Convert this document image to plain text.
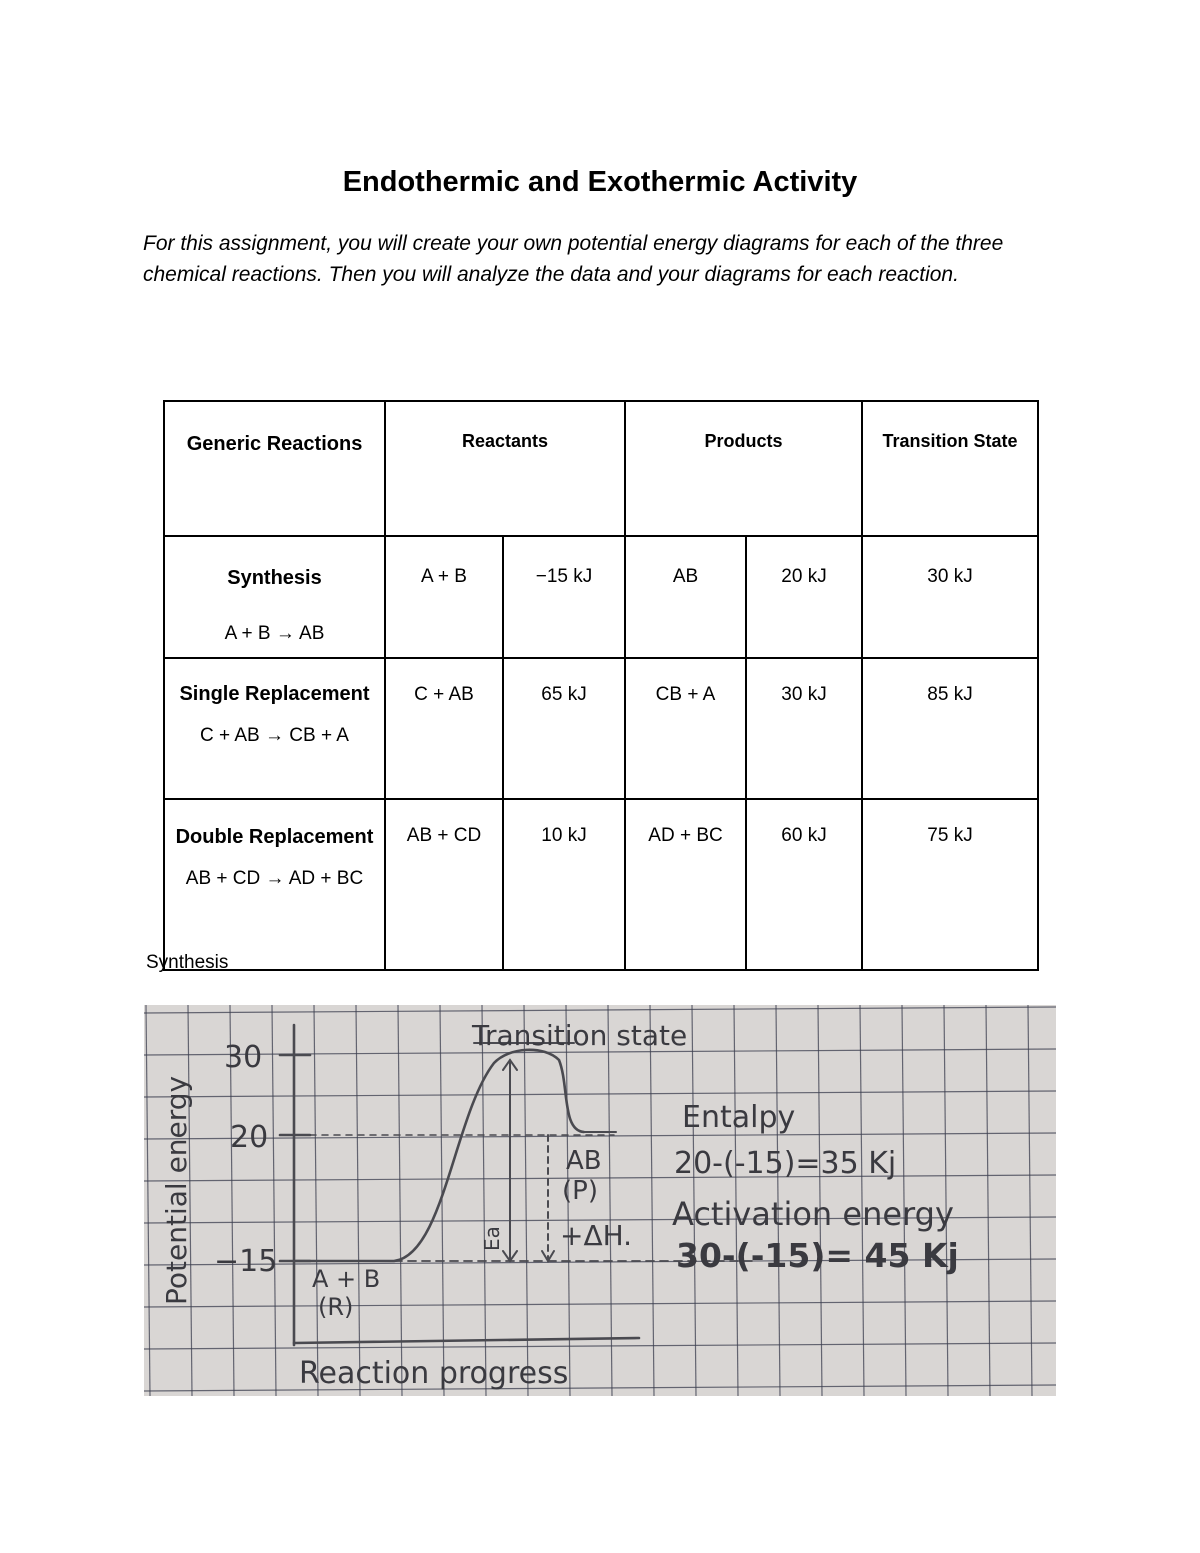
Endothermic and Exothermic Activity

For this assignment, you will create your own potential energy diagrams for each of the three chemical reactions. Then you will analyze the data and your diagrams for each reaction.

Generic Reactions	Reactants		Products		Transition State

Synthesis
A + B → AB	A + B	−15 kJ	AB	20 kJ	30 kJ

Single Replacement
C + AB → CB + A	C + AB	65 kJ	CB + A	30 kJ	85 kJ

Double Replacement
AB + CD → AD + BC	AB + CD	10 kJ	AD + BC	60 kJ	75 kJ

Synthesis

Potential energy
Reaction progress
30
20
−15
Transition state
AB
(P)
A + B
(R)
Ea +ΔH.
Entalpy
20-(-15)=35 Kj
Activation energy
30-(-15)= 45 Kj
